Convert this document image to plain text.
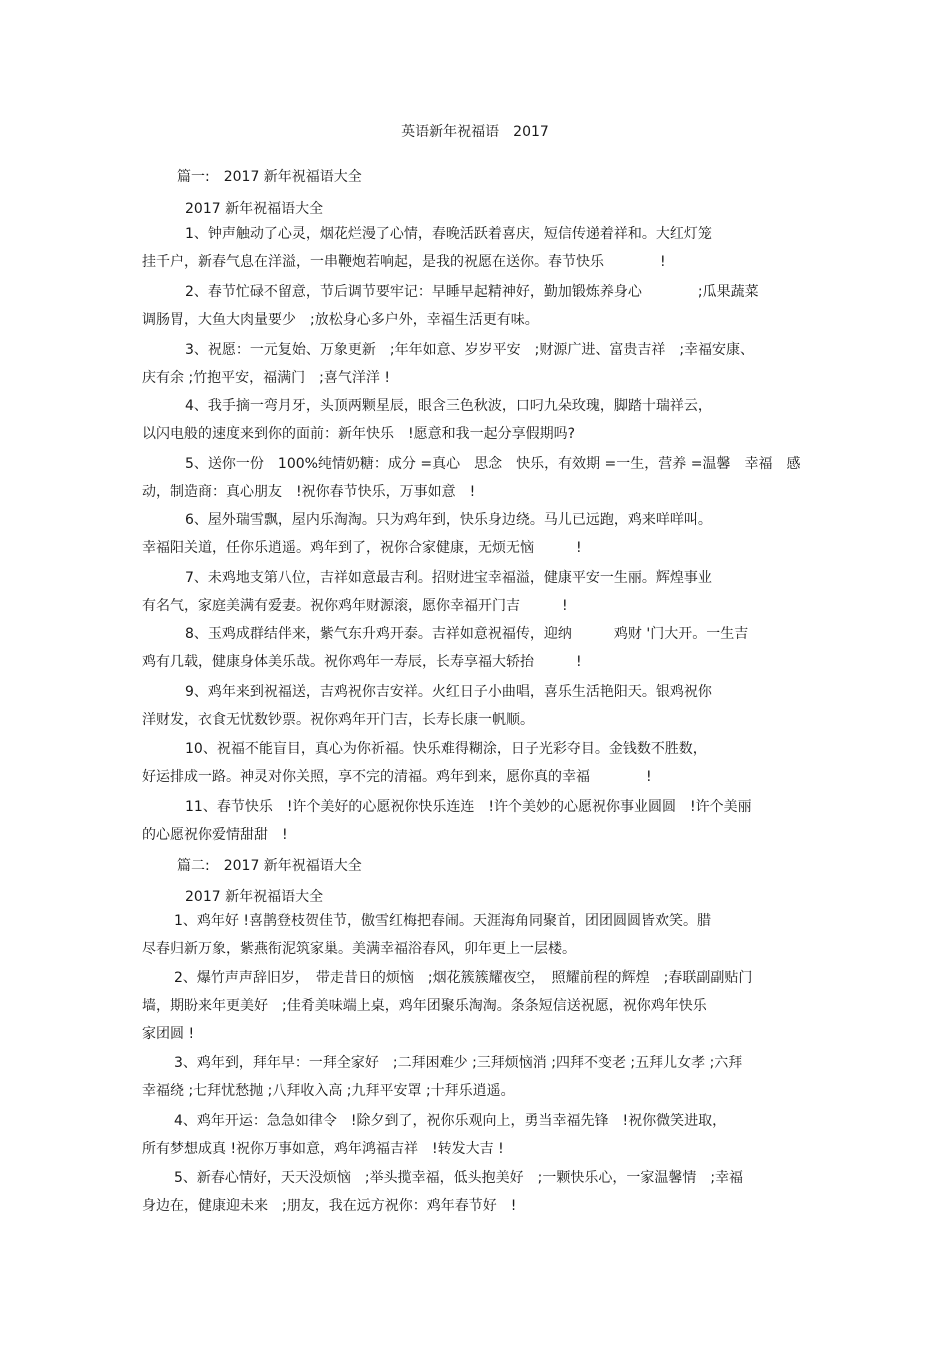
英语新年祝福语　2017
篇一:　2017 新年祝福语大全
2017 新年祝福语大全
1、钟声触动了心灵，烟花烂漫了心情，春晚活跃着喜庆，短信传递着祥和。大红灯笼
挂千户，新春气息在洋溢，一串鞭炮若响起，是我的祝愿在送你。春节快乐　　　　!
2、春节忙碌不留意，节后调节要牢记：早睡早起精神好，勤加锻炼养身心　　　　;瓜果蔬菜
调肠胃，大鱼大肉量要少　;放松身心多户外，幸福生活更有味。
3、祝愿：一元复始、万象更新　;年年如意、岁岁平安　;财源广进、富贵吉祥　;幸福安康、
庆有余 ;竹抱平安，福满门　;喜气洋洋 !
4、我手摘一弯月牙，头顶两颗星辰，眼含三色秋波，口叼九朵玫瑰，脚踏十瑞祥云，
以闪电般的速度来到你的面前：新年快乐　!愿意和我一起分享假期吗?
5、送你一份　100%纯情奶糖：成分 =真心　思念　快乐，有效期 =一生，营养 =温馨　幸福　感
动，制造商：真心朋友　!祝你春节快乐，万事如意　!
6、屋外瑞雪飘，屋内乐淘淘。只为鸡年到，快乐身边绕。马儿已远跑，鸡来咩咩叫。
幸福阳关道，任你乐逍遥。鸡年到了，祝你合家健康，无烦无恼　　　!
7、未鸡地支第八位，吉祥如意最吉利。招财进宝幸福溢，健康平安一生丽。辉煌事业
有名气，家庭美满有爱妻。祝你鸡年财源滚，愿你幸福开门吉　　　!
8、玉鸡成群结伴来，紫气东升鸡开泰。吉祥如意祝福传，迎纳　　　鸡财 '门大开。一生吉
鸡有几载，健康身体美乐哉。祝你鸡年一寿辰，长寿享福大轿抬　　　!
9、鸡年来到祝福送，吉鸡祝你吉安祥。火红日子小曲唱，喜乐生活艳阳天。银鸡祝你
洋财发，衣食无忧数钞票。祝你鸡年开门吉，长寿长康一帆顺。
10、祝福不能盲目，真心为你祈福。快乐难得糊涂，日子光彩夺目。金钱数不胜数，
好运排成一路。神灵对你关照，享不完的清福。鸡年到来，愿你真的幸福　　　　!
11、春节快乐　!许个美好的心愿祝你快乐连连　!许个美妙的心愿祝你事业圆圆　!许个美丽
的心愿祝你爱情甜甜　!
篇二:　2017 新年祝福语大全
2017 新年祝福语大全
1、鸡年好 !喜鹊登枝贺佳节，傲雪红梅把春闹。天涯海角同聚首，团团圆圆皆欢笑。腊
尽春归新万象，紫燕衔泥筑家巢。美满幸福浴春风，卯年更上一层楼。
2、爆竹声声辞旧岁，　带走昔日的烦恼　;烟花簇簇耀夜空，　照耀前程的辉煌　;春联副副贴门
墙，期盼来年更美好　;佳肴美味端上桌，鸡年团聚乐淘淘。条条短信送祝愿，祝你鸡年快乐
家团圆 !
3、鸡年到，拜年早：一拜全家好　;二拜困难少 ;三拜烦恼消 ;四拜不变老 ;五拜儿女孝 ;六拜
幸福绕 ;七拜忧愁抛 ;八拜收入高 ;九拜平安罩 ;十拜乐逍遥。
4、鸡年开运：急急如律令　!除夕到了，祝你乐观向上，勇当幸福先锋　!祝你微笑进取，
所有梦想成真 !祝你万事如意，鸡年鸿福吉祥　!转发大吉 !
5、新春心情好，天天没烦恼　;举头揽幸福，低头抱美好　;一颗快乐心，一家温馨情　;幸福
身边在，健康迎未来　;朋友，我在远方祝你：鸡年春节好　!
